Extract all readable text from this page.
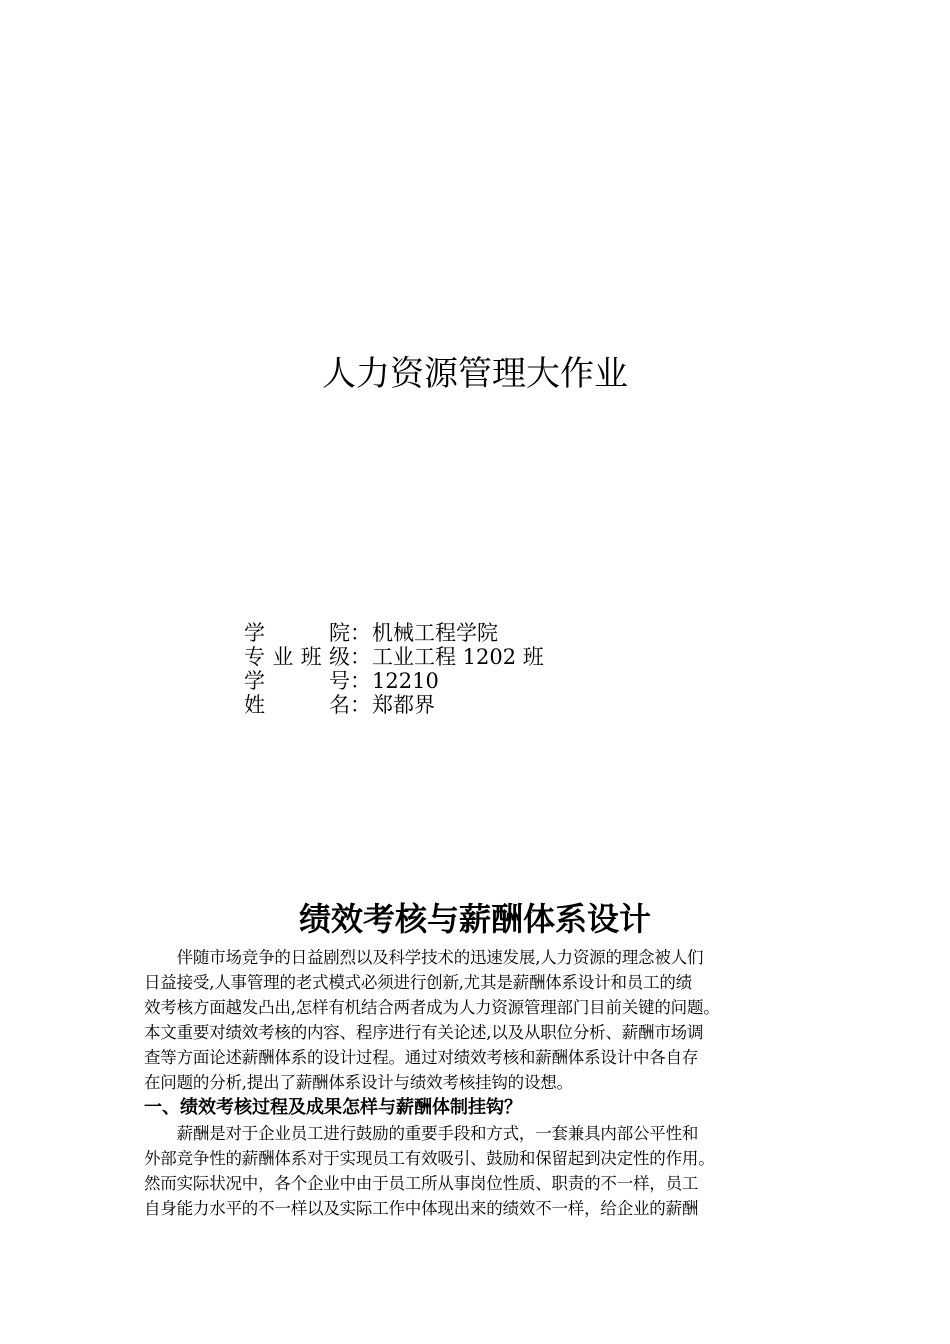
人力资源管理大作业
学	院 ： 机械工程学院
专 业 班 级 ： 工业工程 1202 班
学	号 ： 12210
姓	名 ： 郑都界
绩效考核与薪酬体系设计
　　伴随市场竞争的日益剧烈以及科学技术的迅速发展,人力资源的理念被人们
日益接受,人事管理的老式模式必须进行创新,尤其是薪酬体系设计和员工的绩
效考核方面越发凸出,怎样有机结合两者成为人力资源管理部门目前关键的问题。
本文重要对绩效考核的内容、程序进行有关论述,以及从职位分析、薪酬市场调
查等方面论述薪酬体系的设计过程。通过对绩效考核和薪酬体系设计中各自存
在问题的分析,提出了薪酬体系设计与绩效考核挂钩的设想。
一、绩效考核过程及成果怎样与薪酬体制挂钩？
　　薪酬是对于企业员工进行鼓励的重要手段和方式，一套兼具内部公平性和
外部竞争性的薪酬体系对于实现员工有效吸引、鼓励和保留起到决定性的作用。
然而实际状况中，各个企业中由于员工所从事岗位性质、职责的不一样，员工
自身能力水平的不一样以及实际工作中体现出来的绩效不一样，给企业的薪酬
